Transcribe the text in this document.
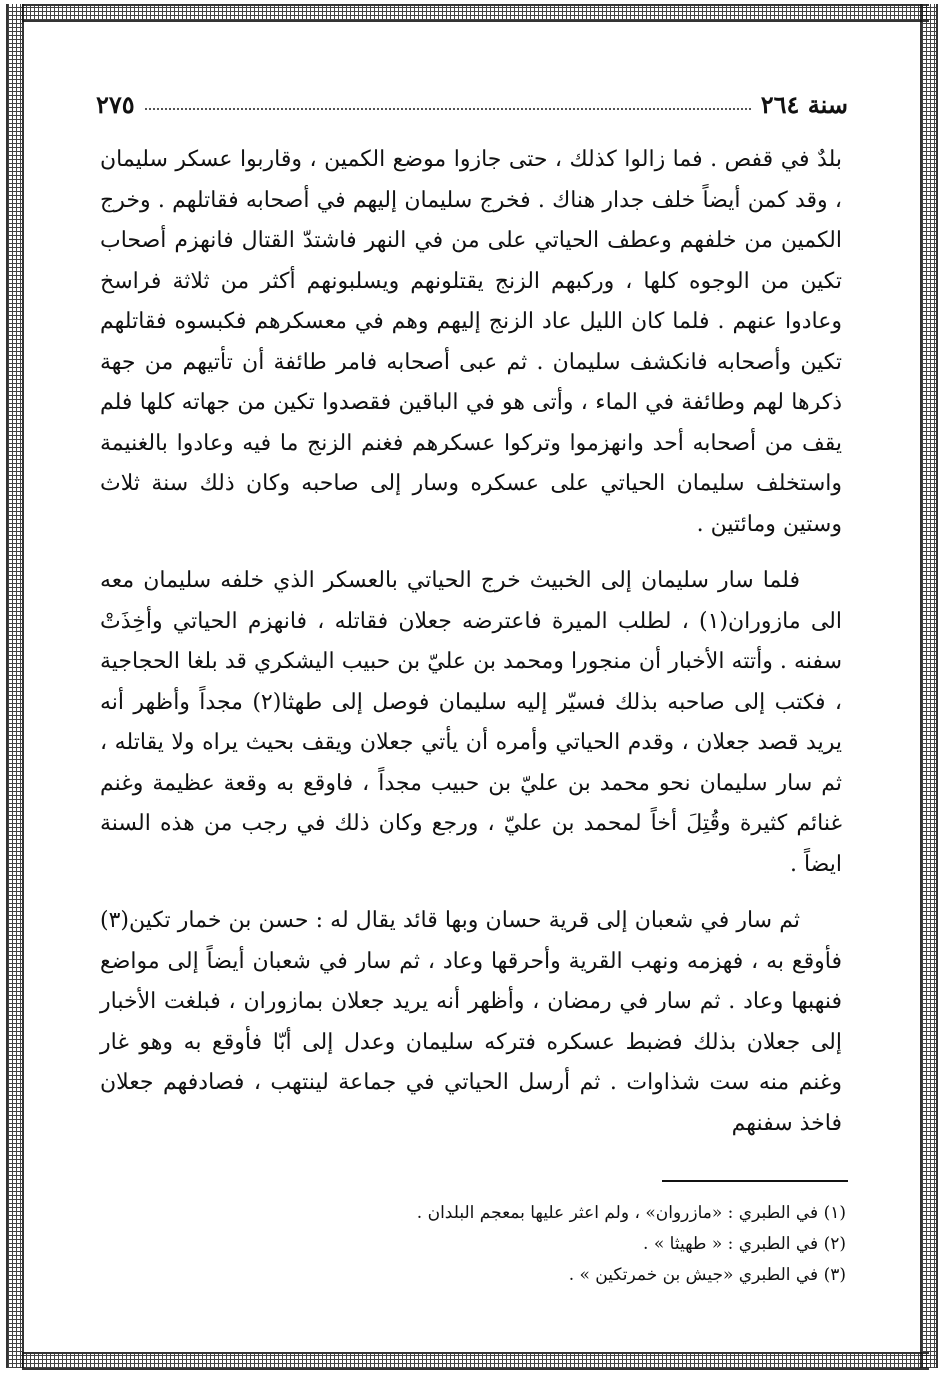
سنة ٢٦٤
٢٧٥

بلدٌ في قفص . فما زالوا كذلك ، حتى جازوا موضع الكمين ، وقاربوا عسكر سليمان ، وقد كمن أيضاً خلف جدار هناك . فخرج سليمان إليهم في أصحابه فقاتلهم . وخرج الكمين من خلفهم وعطف الحياتي على من في النهر فاشتدّ القتال فانهزم أصحاب تكين من الوجوه كلها ، وركبهم الزنج يقتلونهم ويسلبونهم أكثر من ثلاثة فراسخ وعادوا عنهم . فلما كان الليل عاد الزنج إليهم وهم في معسكرهم فكبسوه فقاتلهم تكين وأصحابه فانكشف سليمان . ثم عبى أصحابه فامر طائفة أن تأتيهم من جهة ذكرها لهم وطائفة في الماء ، وأتى هو في الباقين فقصدوا تكين من جهاته كلها فلم يقف من أصحابه أحد وانهزموا وتركوا عسكرهم فغنم الزنج ما فيه وعادوا بالغنيمة واستخلف سليمان الحياتي على عسكره وسار إلى صاحبه وكان ذلك سنة ثلاث وستين ومائتين .

فلما سار سليمان إلى الخبيث خرج الحياتي بالعسكر الذي خلفه سليمان معه الى مازوران(١) ، لطلب الميرة فاعترضه جعلان فقاتله ، فانهزم الحياتي وأخِذَتْ سفنه . وأتته الأخبار أن منجورا ومحمد بن عليّ بن حبيب اليشكري قد بلغا الحجاجية ، فكتب إلى صاحبه بذلك فسيّر إليه سليمان فوصل إلى طهثا(٢) مجداً وأظهر أنه يريد قصد جعلان ، وقدم الحياتي وأمره أن يأتي جعلان ويقف بحيث يراه ولا يقاتله ، ثم سار سليمان نحو محمد بن عليّ بن حبيب مجداً ، فاوقع به وقعة عظيمة وغنم غنائم كثيرة وقُتِلَ أخاً لمحمد بن عليّ ، ورجع وكان ذلك في رجب من هذه السنة ايضاً .

ثم سار في شعبان إلى قرية حسان وبها قائد يقال له : حسن بن خمار تكين(٣) فأوقع به ، فهزمه ونهب القرية وأحرقها وعاد ، ثم سار في شعبان أيضاً إلى مواضع فنهبها وعاد . ثم سار في رمضان ، وأظهر أنه يريد جعلان بمازوران ، فبلغت الأخبار إلى جعلان بذلك فضبط عسكره فتركه سليمان وعدل إلى أبّا فأوقع به وهو غار وغنم منه ست شذاوات . ثم أرسل الحياتي في جماعة لينتهب ، فصادفهم جعلان فاخذ سفنهم

(١) في الطبري : «مازروان» ، ولم اعثر عليها بمعجم البلدان .
(٢) في الطبري : « طهيثا » .
(٣) في الطبري «جيش بن خمرتكين » .
